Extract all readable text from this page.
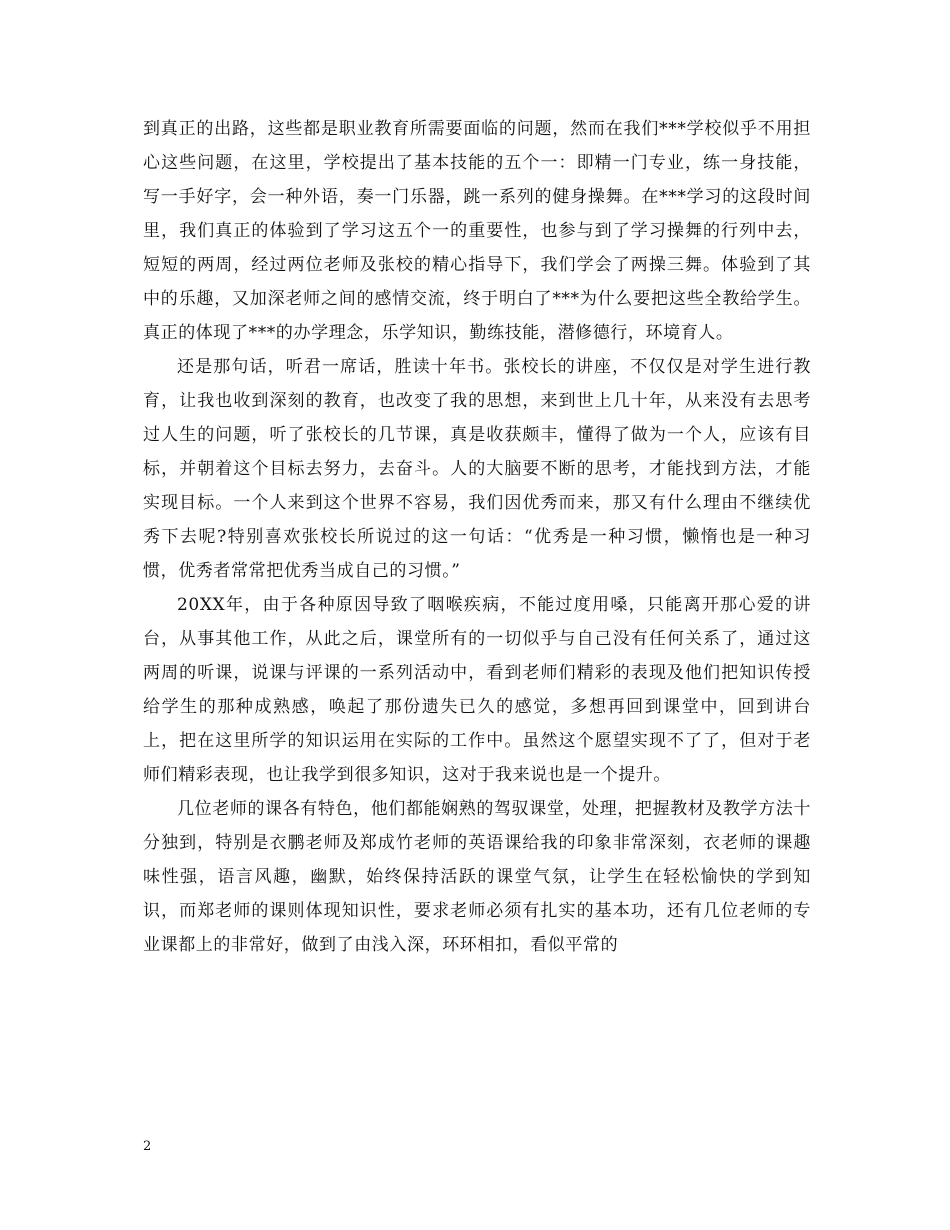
到真正的出路，这些都是职业教育所需要面临的问题，然而在我们***学校似乎不用担心这些问题，在这里，学校提出了基本技能的五个一：即精一门专业，练一身技能，写一手好字，会一种外语，奏一门乐器，跳一系列的健身操舞。在***学习的这段时间里，我们真正的体验到了学习这五个一的重要性，也参与到了学习操舞的行列中去，短短的两周，经过两位老师及张校的精心指导下，我们学会了两操三舞。体验到了其中的乐趣，又加深老师之间的感情交流，终于明白了***为什么要把这些全教给学生。真正的体现了***的办学理念，乐学知识，勤练技能，潜修德行，环境育人。

还是那句话，听君一席话，胜读十年书。张校长的讲座，不仅仅是对学生进行教育，让我也收到深刻的教育，也改变了我的思想，来到世上几十年，从来没有去思考过人生的问题，听了张校长的几节课，真是收获颇丰，懂得了做为一个人，应该有目标，并朝着这个目标去努力，去奋斗。人的大脑要不断的思考，才能找到方法，才能实现目标。一个人来到这个世界不容易，我们因优秀而来，那又有什么理由不继续优秀下去呢?特别喜欢张校长所说过的这一句话：“优秀是一种习惯，懒惰也是一种习惯，优秀者常常把优秀当成自己的习惯。”

20XX年，由于各种原因导致了咽喉疾病，不能过度用嗓，只能离开那心爱的讲台，从事其他工作，从此之后，课堂所有的一切似乎与自己没有任何关系了，通过这两周的听课，说课与评课的一系列活动中，看到老师们精彩的表现及他们把知识传授给学生的那种成熟感，唤起了那份遗失已久的感觉，多想再回到课堂中，回到讲台上，把在这里所学的知识运用在实际的工作中。虽然这个愿望实现不了了，但对于老师们精彩表现，也让我学到很多知识，这对于我来说也是一个提升。

几位老师的课各有特色，他们都能娴熟的驾驭课堂，处理，把握教材及教学方法十分独到，特别是衣鹏老师及郑成竹老师的英语课给我的印象非常深刻，衣老师的课趣味性强，语言风趣，幽默，始终保持活跃的课堂气氛，让学生在轻松愉快的学到知识，而郑老师的课则体现知识性，要求老师必须有扎实的基本功，还有几位老师的专业课都上的非常好，做到了由浅入深，环环相扣，看似平常的

2
